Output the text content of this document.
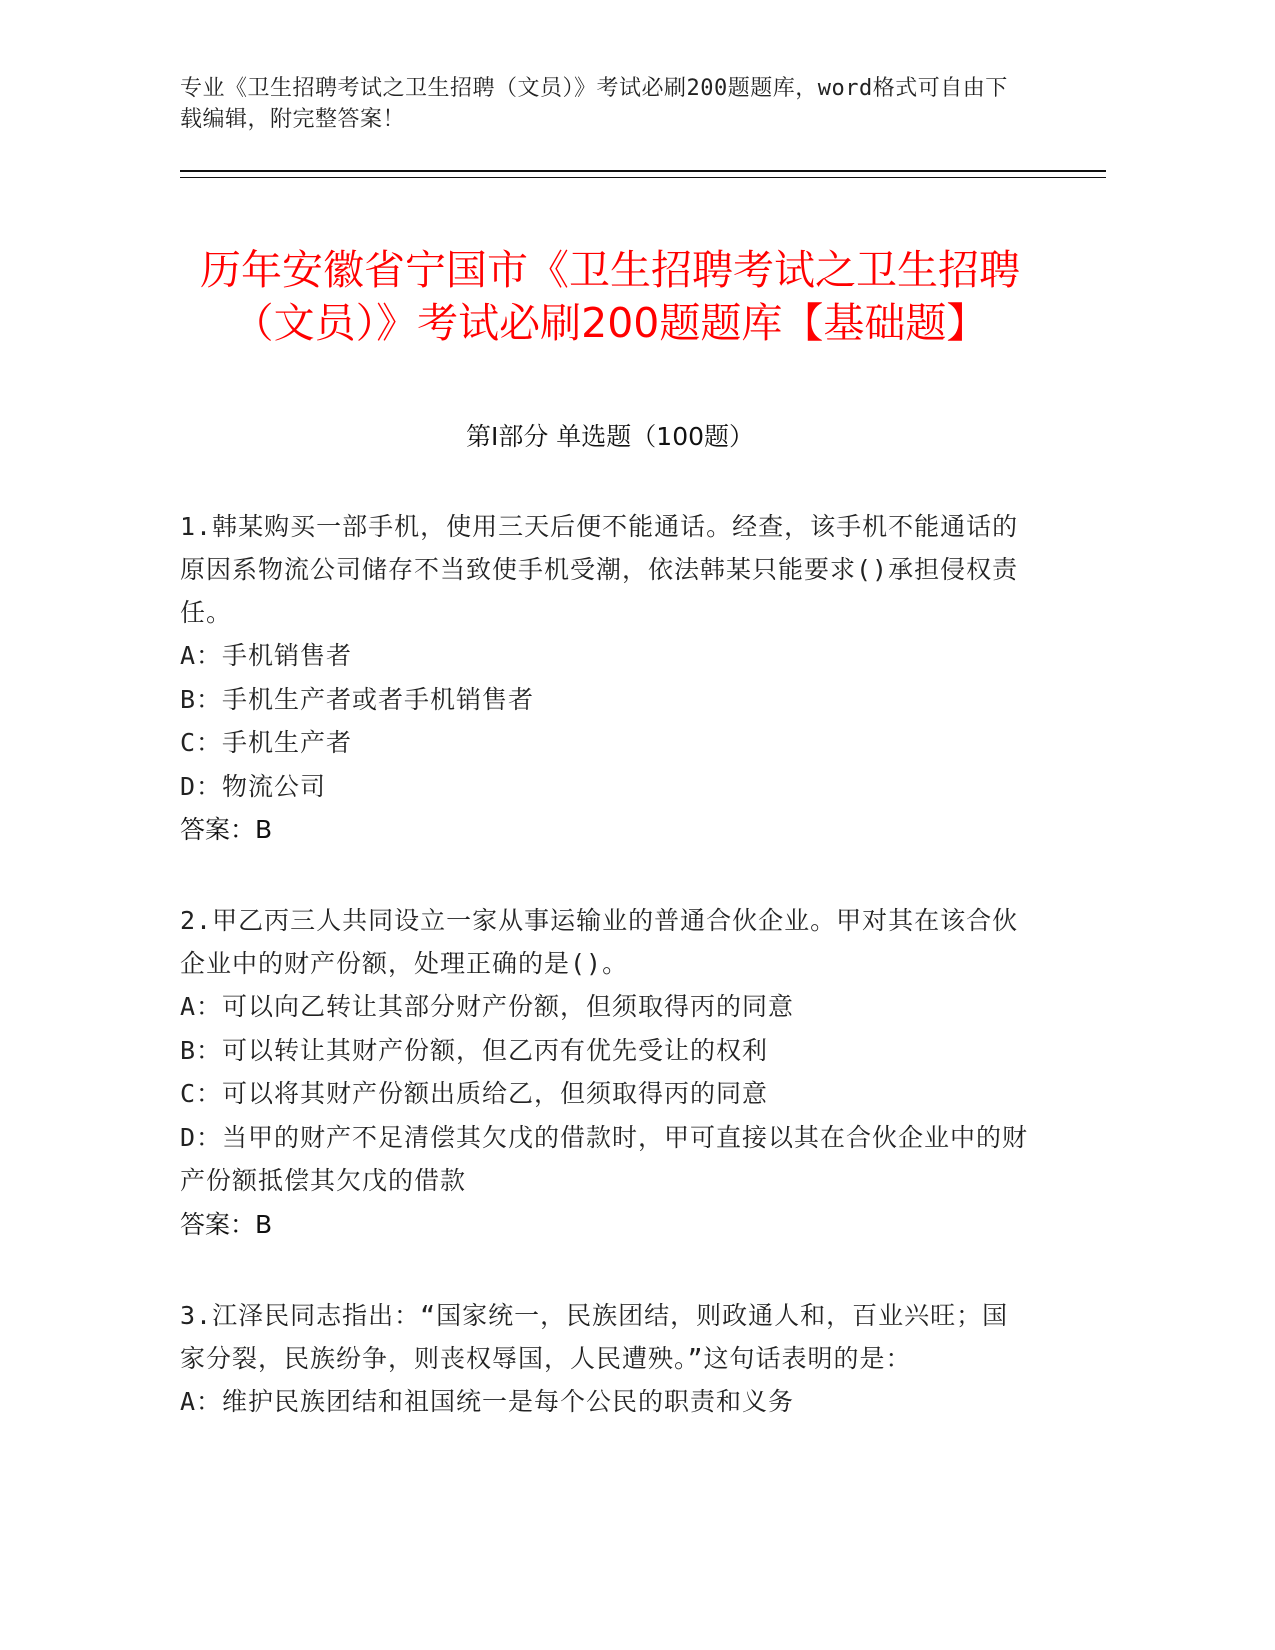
专业《卫生招聘考试之卫生招聘（文员）》考试必刷200题题库，word格式可自由下载编辑，附完整答案！
历年安徽省宁国市《卫生招聘考试之卫生招聘（文员）》考试必刷200题题库【基础题】
第I部分 单选题（100题）

1.韩某购买一部手机，使用三天后便不能通话。经查，该手机不能通话的原因系物流公司储存不当致使手机受潮，依法韩某只能要求()承担侵权责任。

A：手机销售者

B：手机生产者或者手机销售者

C：手机生产者

D：物流公司

答案：B

2.甲乙丙三人共同设立一家从事运输业的普通合伙企业。甲对其在该合伙企业中的财产份额，处理正确的是()。

A：可以向乙转让其部分财产份额，但须取得丙的同意

B：可以转让其财产份额，但乙丙有优先受让的权利

C：可以将其财产份额出质给乙，但须取得丙的同意

D：当甲的财产不足清偿其欠戊的借款时，甲可直接以其在合伙企业中的财产份额抵偿其欠戊的借款

答案：B

3.江泽民同志指出：“国家统一，民族团结，则政通人和，百业兴旺；国家分裂，民族纷争，则丧权辱国，人民遭殃。”这句话表明的是：

A：维护民族团结和祖国统一是每个公民的职责和义务
